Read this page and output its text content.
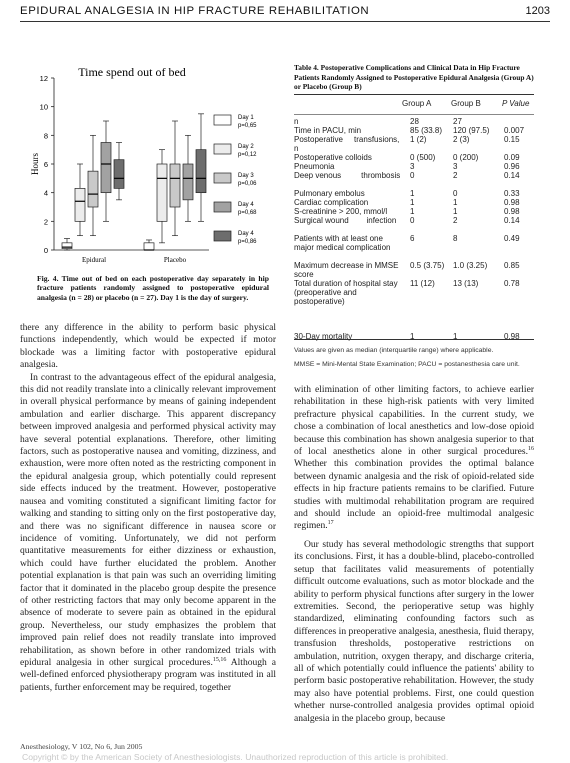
EPIDURAL ANALGESIA IN HIP FRACTURE REHABILITATION	1203
Time spend out of bed
0
2
4
6
8
10
12
Hours
Epidural	Placebo
Day 1
p=0,65
Day 2
p=0,12
Day 3
p=0,06
Day 4
p=0,68
Day 4
p=0,86
Fig. 4. Time out of bed on each postoperative day separately in hip fracture patients randomly assigned to postoperative epidural analgesia (n = 28) or placebo (n = 27). Day 1 is the day of surgery.
Table 4. Postoperative Complications and Clinical Data in Hip Fracture Patients Randomly Assigned to Postoperative Epidural Analgesia (Group A) or Placebo (Group B)
Group A Group B	P Value
n	28	27
Time in PACU, min	85 (33.8) 120 (97.5) 0.007
Postoperative     transfusions, n
1 (2)	2 (3)	0.15
Postoperative colloids	0 (500) 0 (200)	0.09
Pneumonia	3	3	0.96
Deep venous         thrombosis	0	2	0.14
Pulmonary embolus	1	0	0.33
Cardiac complication	1	1	0.98
S-creatinine > 200, mmol/l	1	1	0.98
Surgical wound        infection	0	2	0.14
Patients with at least one major medical complication
6	8	0.49
Maximum decrease in MMSE score
0.5 (3.75) 1.0 (3.25) 0.85
Total duration of hospital stay (preoperative and postoperative)
11 (12) 13 (13)	0.78
30-Day mortality	1	1	0.98
Values are given as median (interquartile range) where applicable.
MMSE = Mini-Mental State Examination; PACU = postanesthesia care unit.

there any difference in the ability to perform basic physical functions independently, which would be expected if motor blockade was a limiting factor with postoperative epidural analgesia.

In contrast to the advantageous effect of the epidural analgesia, this did not readily translate into a clinically relevant improvement in overall physical performance by means of gaining independent ambulation and earlier discharge. This apparent discrepancy between improved analgesia and performed physical activity may have several potential explanations. Therefore, other limiting factors, such as postoperative nausea and vomiting, dizziness, and exhaustion, were more often noted as the restricting component in the epidural analgesia group, which potentially could represent side effects induced by the treatment. However, postoperative nausea and vomiting constituted a significant limiting factor for walking and standing to sitting only on the first postoperative day, and there was no significant difference in nausea score or incidence of vomiting. Unfortunately, we did not perform quantitative measurements for either dizziness or exhaustion, which could have further elucidated the problem. Another potential explanation is that pain was such an overriding limiting factor that it dominated in the placebo group despite the presence of other restricting factors that may only become apparent in the absence of moderate to severe pain as obtained in the epidural group. Nevertheless, our study emphasizes the problem that improved pain relief does not readily translate into improved rehabilitation, as shown before in other randomized trials with epidural analgesia in other surgical procedures.$^{15,16}$ Although a well-defined enforced physiotherapy program was instituted in all patients, further enforcement may be required, together

with elimination of other limiting factors, to achieve earlier rehabilitation in these high-risk patients with very limited prefracture physical capabilities. In the current study, we chose a combination of local anesthetics and low-dose opioid because this combination has shown analgesia superior to that of local anesthetics alone in other surgical procedures.$^{16}$ Whether this combination provides the optimal balance between dynamic analgesia and the risk of opioid-related side effects in hip fracture patients remains to be clarified. Future studies with multimodal rehabilitation program are required and should include an opioid-free multimodal analgesic regimen.$^{17}$

Our study has several methodologic strengths that support its conclusions. First, it has a double-blind, placebo-controlled setup that facilitates valid measurements of potentially difficult outcome evaluations, such as motor blockade and the ability to perform physical functions after surgery in the lower extremities. Second, the perioperative setup was highly standardized, eliminating confounding factors such as differences in preoperative analgesia, anesthesia, fluid therapy, transfusion thresholds, postoperative restrictions on ambulation, nutrition, oxygen therapy, and discharge criteria, all of which potentially could influence the patients' ability to perform basic postoperative rehabilitation. However, the study may also have potential problems. First, one could question whether nurse-controlled analgesia provides optimal opioid analgesia in the placebo group, because

Anesthesiology, V 102, No 6, Jun 2005
Copyright © by the American Society of Anesthesiologists. Unauthorized reproduction of this article is prohibited.
